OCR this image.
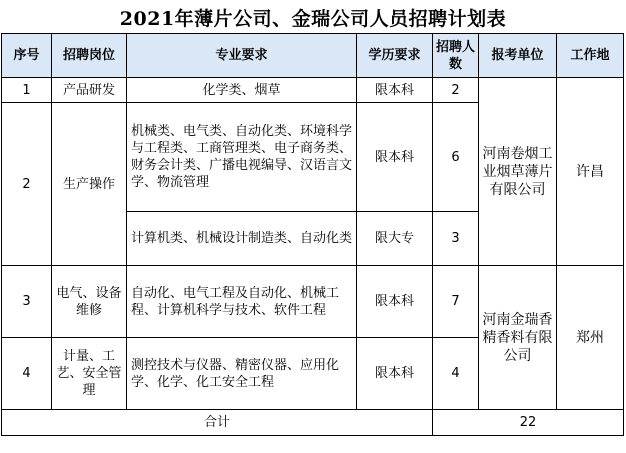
2021年薄片公司、金瑞公司人员招聘计划表
序号	招聘岗位	专业要求	学历要求	招聘人数	报考单位	工作地
1	产品研发	化学类、烟草	限本科	2	河南卷烟工业烟草薄片有限公司	许昌
2	生产操作	机械类、电气类、自动化类、环境科学与工程类、工商管理类、电子商务类、财务会计类、广播电视编导、汉语言文学、物流管理	限本科	6		
		计算机类、机械设计制造类、自动化类	限大专	3		
3	电气、设备维修	自动化、电气工程及自动化、机械工程、计算机科学与技术、软件工程	限本科	7	河南金瑞香精香料有限公司	郑州
4	计量、工艺、安全管理	测控技术与仪器、精密仪器、应用化学、化学、化工安全工程	限本科	4		
合计				22		
